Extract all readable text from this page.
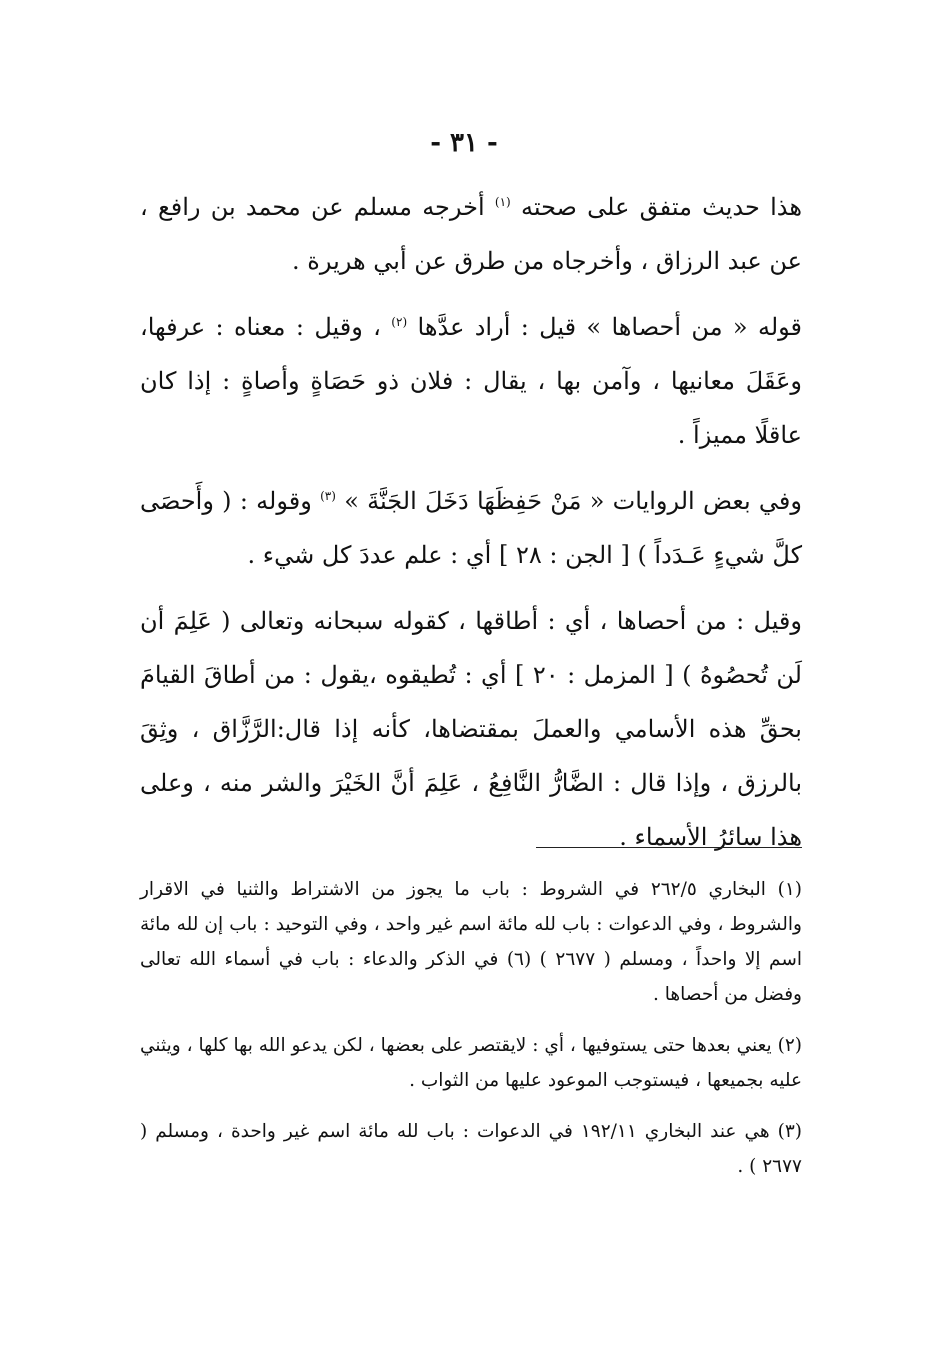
- ٣١ -

هذا حديث متفق على صحته $^{(١)}$ أخرجه مسلم عن محمد بن رافع ، عن عبد الرزاق ، وأخرجاه من طرق عن أبي هريرة .

قوله « من أحصاها » قيل : أراد عدَّها $^{(٢)}$ ، وقيل : معناه : عرفها، وعَقَلَ معانيها ، وآمن بها ، يقال : فلان ذو حَصَاةٍ وأصاةٍ : إذا كان عاقلًا مميزاً .

وفي بعض الروايات « مَنْ حَفِظَهَا دَخَلَ الجَنَّةَ » $^{(٣)}$ وقوله : ( وأَحصَى كلَّ شيءٍ عَـدَداً ) [ الجن : ٢٨ ] أي : علم عددَ كل شيء .

وقيل : من أحصاها ، أي : أطاقها ، كقوله سبحانه وتعالى ( عَلِمَ أن لَن تُحصُوهُ ) [ المزمل : ٢٠ ] أي : تُطيقوه ،يقول : من أطاقَ القيامَ بحقِّ هذه الأسامي والعملَ بمقتضاها، كأنه إذا قال:الرَّزَّاق ، وثِقَ بالرزق ، وإذا قال : الضَّارُّ النَّافِعُ ، عَلِمَ أنَّ الخَيْرَ والشر منه ، وعلى هذا سائرُ الأسماء .

(١) البخاري ٢٦٢/٥ في الشروط : باب ما يجوز من الاشتراط والثنيا في الاقرار والشروط ، وفي الدعوات : باب لله مائة اسم غير واحد ، وفي التوحيد : باب إن لله مائة اسم إلا واحداً ، ومسلم ( ٢٦٧٧ ) (٦) في الذكر والدعاء : باب في أسماء الله تعالى وفضل من أحصاها .

(٢) يعني بعدها حتى يستوفيها ، أي : لايقتصر على بعضها ، لكن يدعو الله بها كلها ، ويثني عليه بجميعها ، فيستوجب الموعود عليها من الثواب .

(٣) هي عند البخاري ١٩٢/١١ في الدعوات : باب لله مائة اسم غير واحدة ، ومسلم ( ٢٦٧٧ ) .
